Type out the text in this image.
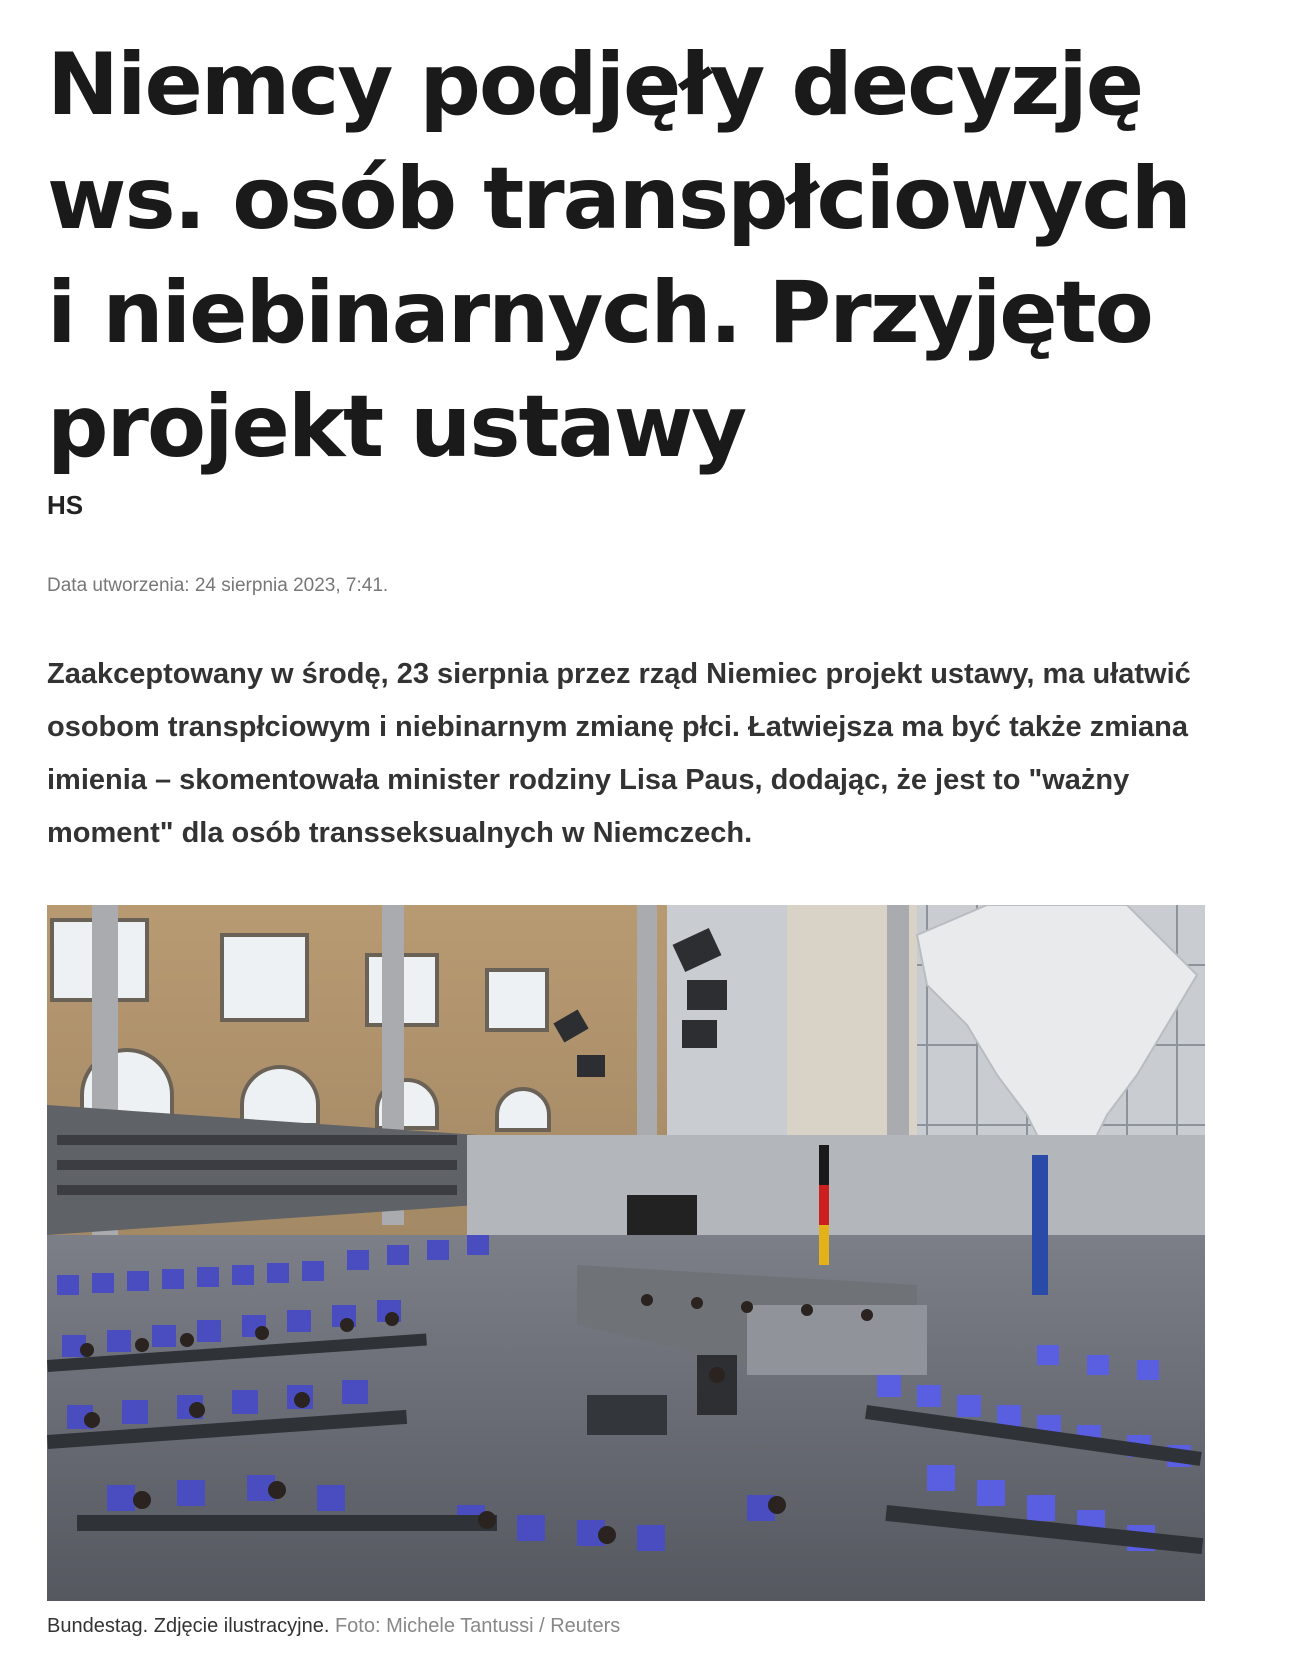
Niemcy podjęły decyzję ws. osób transpłciowych i niebinarnych. Przyjęto projekt ustawy
HS
Data utworzenia: 24 sierpnia 2023, 7:41.

Zaakceptowany w środę, 23 sierpnia przez rząd Niemiec projekt ustawy, ma ułatwić osobom transpłciowym i niebinarnym zmianę płci. Łatwiejsza ma być także zmiana imienia – skomentowała minister rodziny Lisa Paus, dodając, że jest to "ważny moment" dla osób transseksualnych w Niemczech.

Bundestag. Zdjęcie ilustracyjne. Foto: Michele Tantussi / Reuters
